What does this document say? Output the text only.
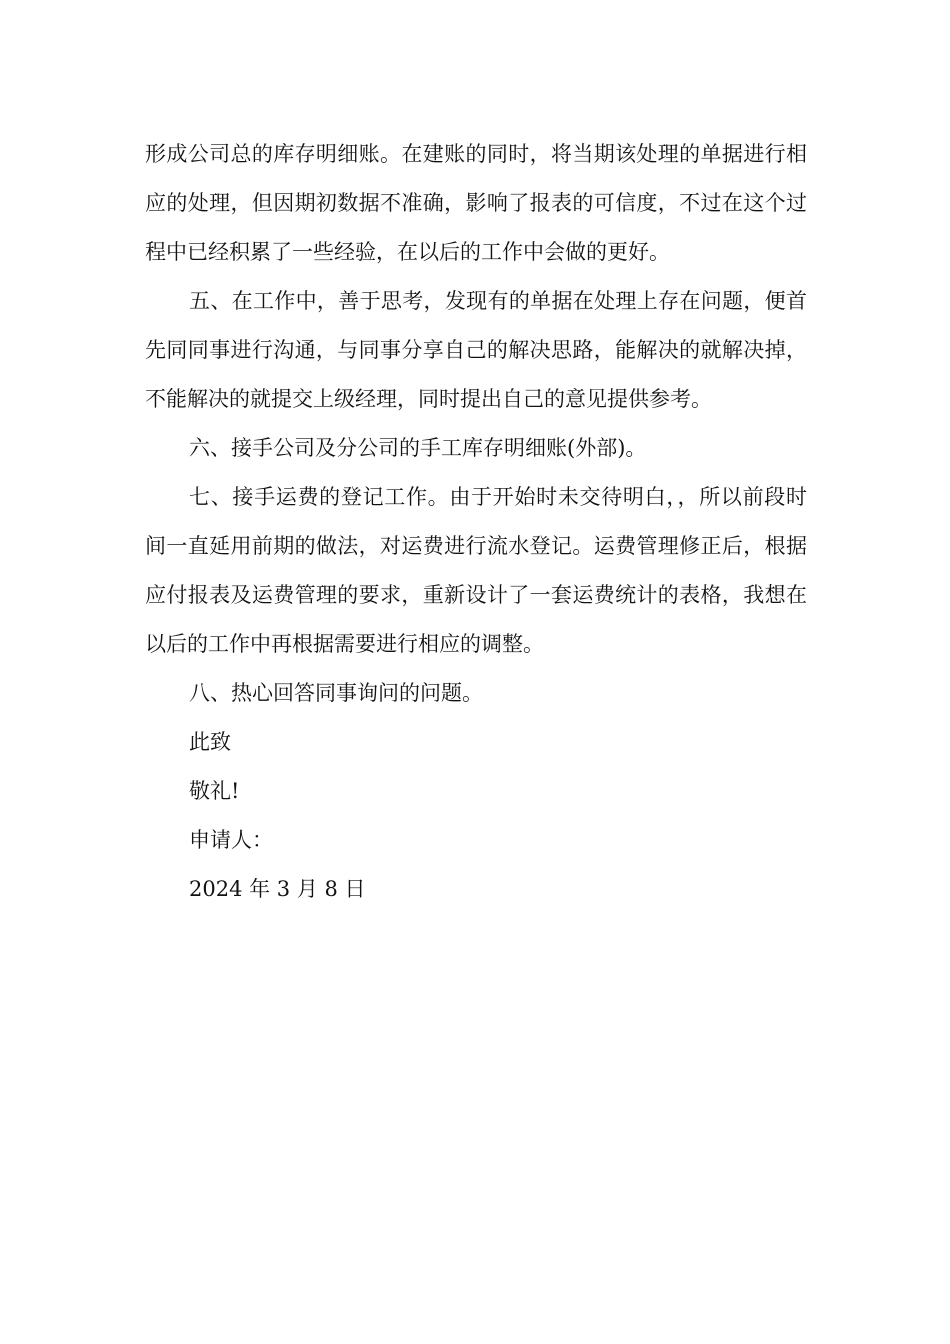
形成公司总的库存明细账。在建账的同时，将当期该处理的单据进行相应的处理，但因期初数据不准确，影响了报表的可信度，不过在这个过程中已经积累了一些经验，在以后的工作中会做的更好。

五、在工作中，善于思考，发现有的单据在处理上存在问题，便首先同同事进行沟通，与同事分享自己的解决思路，能解决的就解决掉，不能解决的就提交上级经理，同时提出自己的意见提供参考。

六、接手公司及分公司的手工库存明细账(外部)。

七、接手运费的登记工作。由于开始时未交待明白，，所以前段时间一直延用前期的做法，对运费进行流水登记。运费管理修正后，根据应付报表及运费管理的要求，重新设计了一套运费统计的表格，我想在以后的工作中再根据需要进行相应的调整。

八、热心回答同事询问的问题。

此致

敬礼!

申请人：

2024 年 3 月 8 日
